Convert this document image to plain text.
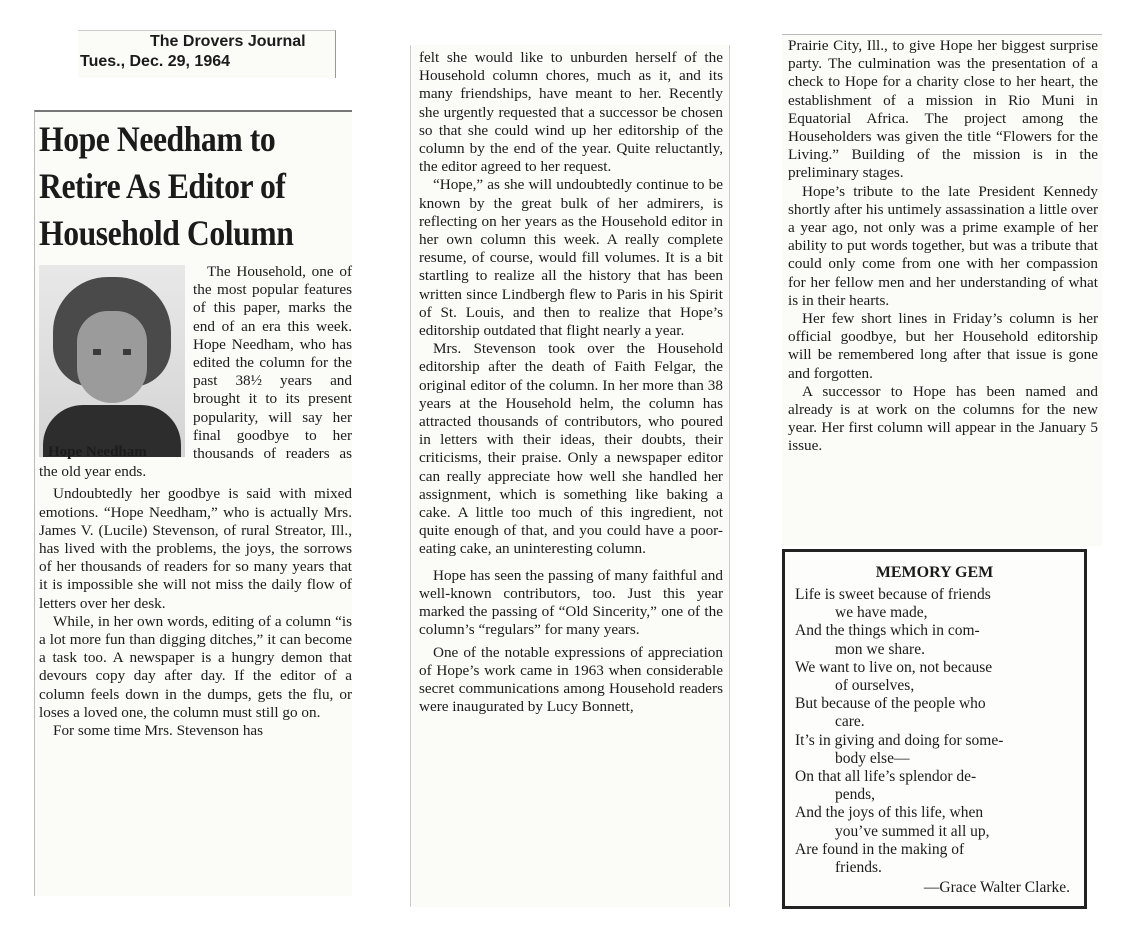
The Drovers Journal
Tues., Dec. 29, 1964
Hope Needham to
Retire As Editor of
Household Column

The Household, one of the most popular features of this paper, marks the end of an era this week. Hope Needham, who has edited the column for the past 38½ years and brought it to its present popularity, will say her final goodbye to her thousands of readers as the old year ends.

Undoubtedly her goodbye is said with mixed emotions. “Hope Needham,” who is actually Mrs. James V. (Lucile) Stevenson, of rural Streator, Ill., has lived with the problems, the joys, the sorrows of her thousands of readers for so many years that it is impossible she will not miss the daily flow of letters over her desk.

While, in her own words, editing of a column “is a lot more fun than digging ditches,” it can become a task too. A newspaper is a hungry demon that devours copy day after day. If the editor of a column feels down in the dumps, gets the flu, or loses a loved one, the column must still go on.

For some time Mrs. Stevenson has

Hope Needham

felt she would like to unburden herself of the Household column chores, much as it, and its many friendships, have meant to her. Recently she urgently requested that a successor be chosen so that she could wind up her editorship of the column by the end of the year. Quite reluctantly, the editor agreed to her request.

“Hope,” as she will undoubtedly continue to be known by the great bulk of her admirers, is reflecting on her years as the Household editor in her own column this week. A really complete resume, of course, would fill volumes. It is a bit startling to realize all the history that has been written since Lindbergh flew to Paris in his Spirit of St. Louis, and then to realize that Hope’s editorship outdated that flight nearly a year.

Mrs. Stevenson took over the Household editorship after the death of Faith Felgar, the original editor of the column. In her more than 38 years at the Household helm, the column has attracted thousands of contributors, who poured in letters with their ideas, their doubts, their criticisms, their praise. Only a newspaper editor can really appreciate how well she handled her assignment, which is something like baking a cake. A little too much of this ingredient, not quite enough of that, and you could have a poor-eating cake, an uninteresting column.

Hope has seen the passing of many faithful and well-known contributors, too. Just this year marked the passing of “Old Sincerity,” one of the column’s “regulars” for many years.

One of the notable expressions of appreciation of Hope’s work came in 1963 when considerable secret communications among Household readers were inaugurated by Lucy Bonnett,

Prairie City, Ill., to give Hope her biggest surprise party. The culmination was the presentation of a check to Hope for a charity close to her heart, the establishment of a mission in Rio Muni in Equatorial Africa. The project among the Householders was given the title “Flowers for the Living.” Building of the mission is in the preliminary stages.

Hope’s tribute to the late President Kennedy shortly after his untimely assassination a little over a year ago, not only was a prime example of her ability to put words together, but was a tribute that could only come from one with her compassion for her fellow men and her understanding of what is in their hearts.

Her few short lines in Friday’s column is her official goodbye, but her Household editorship will be remembered long after that issue is gone and forgotten.

A successor to Hope has been named and already is at work on the columns for the new year. Her first column will appear in the January 5 issue.

MEMORY GEM
Life is sweet because of friends
we have made,
And the things which in com-
mon we share.
We want to live on, not because
of ourselves,
But because of the people who
care.
It’s in giving and doing for some-
body else—
On that all life’s splendor de-
pends,
And the joys of this life, when
you’ve summed it all up,
Are found in the making of
friends.
—Grace Walter Clarke.
